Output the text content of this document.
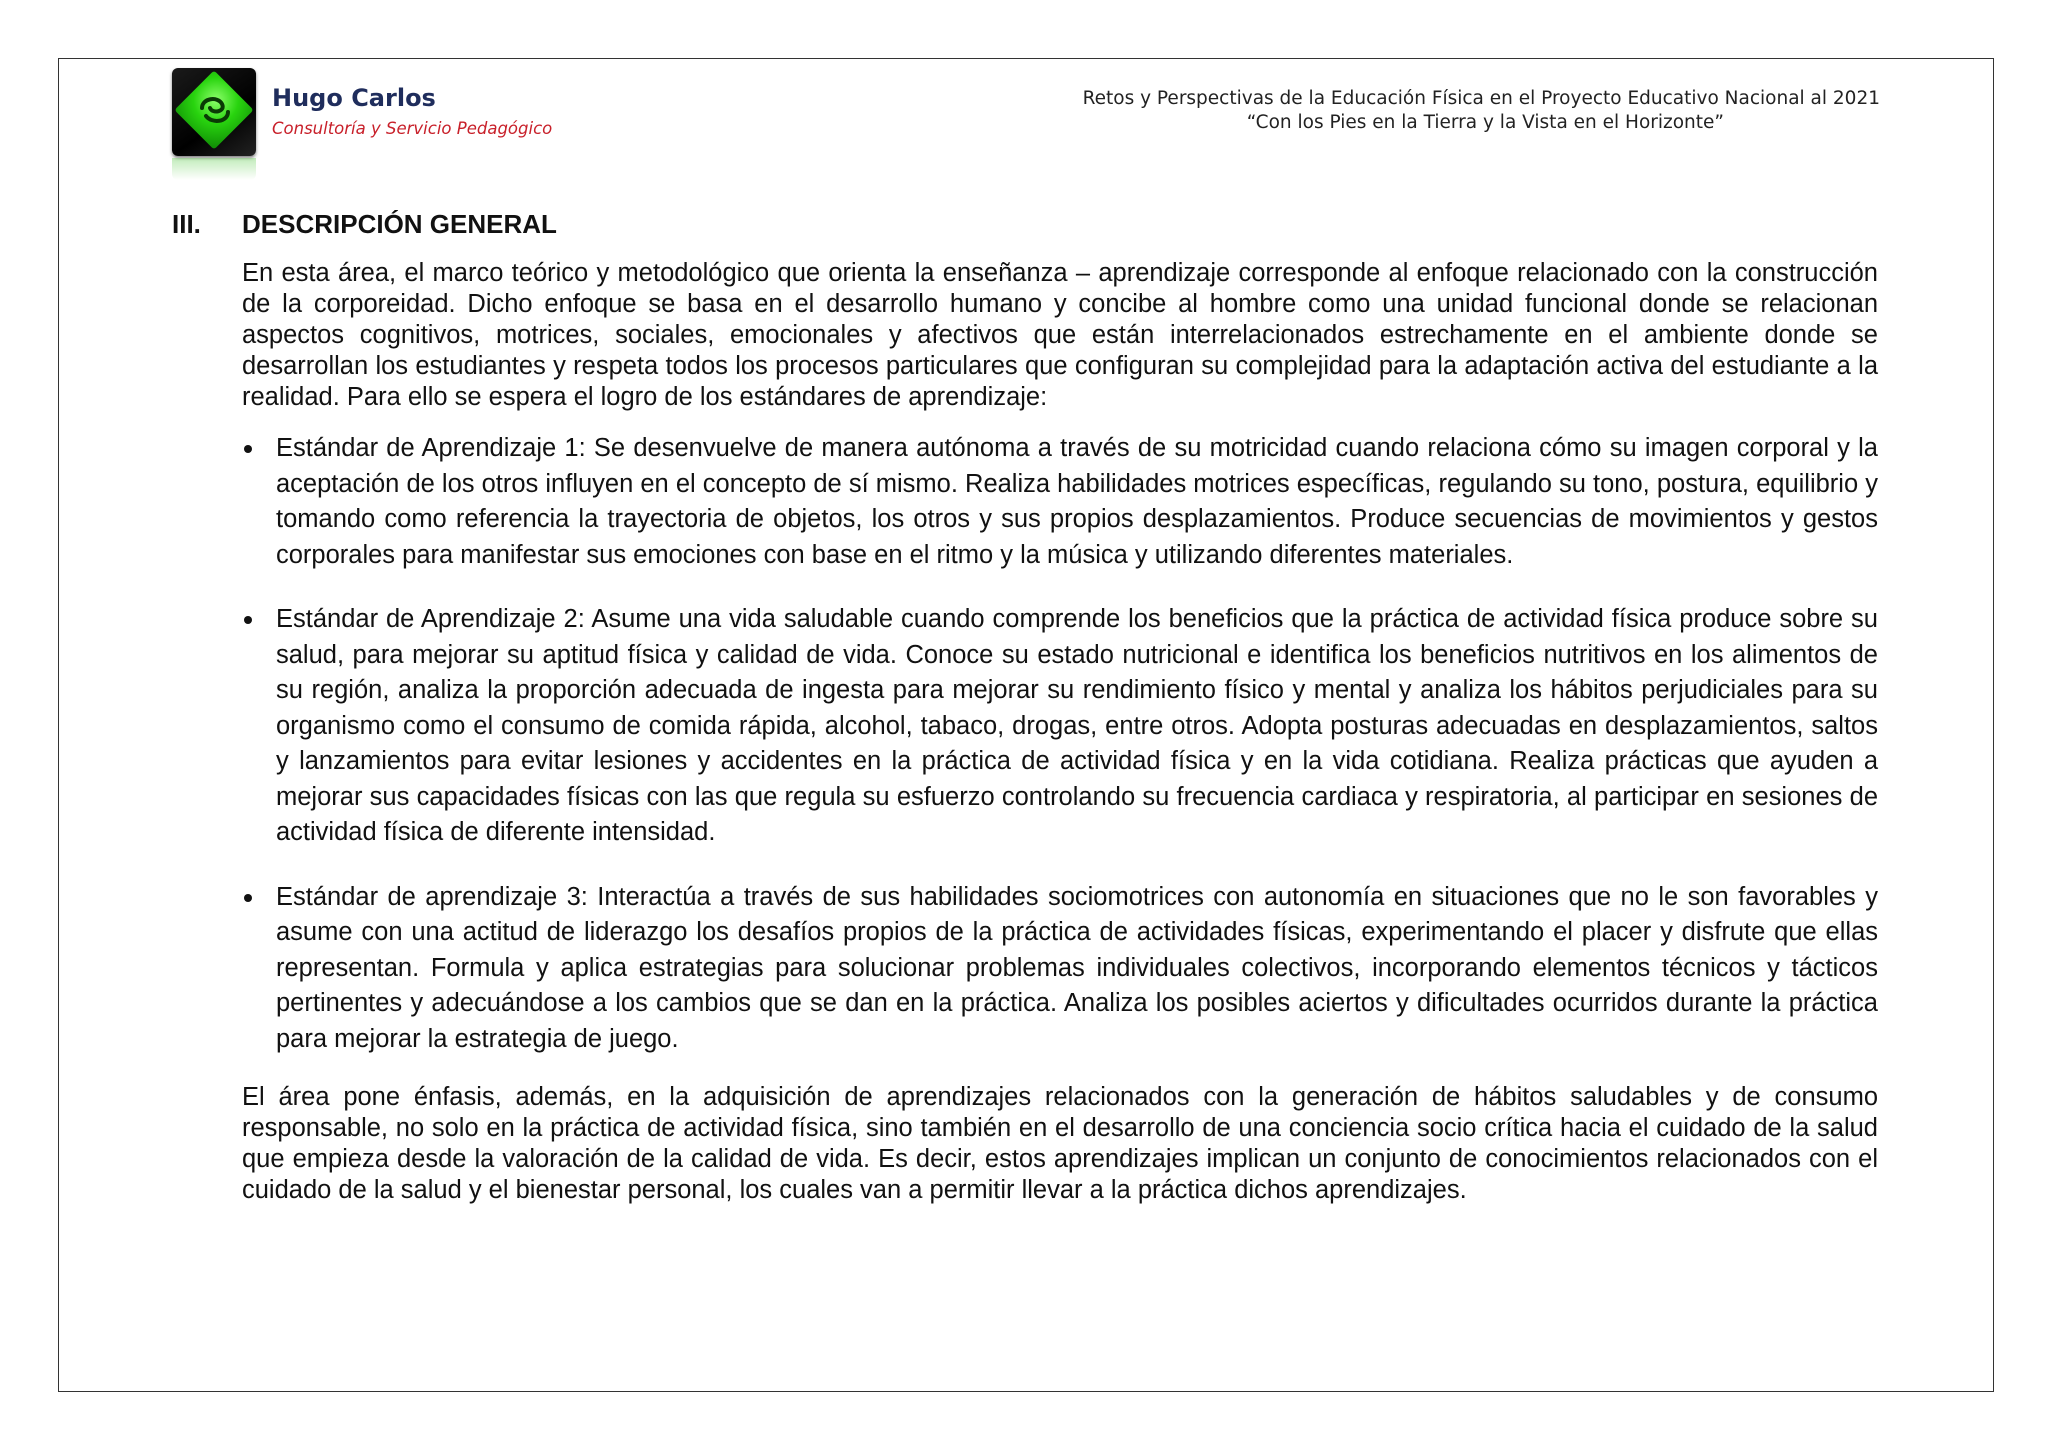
Hugo Carlos
Consultoría y Servicio Pedagógico
Retos y Perspectivas de la Educación Física en el Proyecto Educativo Nacional al 2021
“Con los Pies en la Tierra y la Vista en el Horizonte”
III. DESCRIPCIÓN GENERAL

En esta área, el marco teórico y metodológico que orienta la enseñanza – aprendizaje corresponde al enfoque relacionado con la construcción de la corporeidad. Dicho enfoque se basa en el desarrollo humano y concibe al hombre como una unidad funcional donde se relacionan aspectos cognitivos, motrices, sociales, emocionales y afectivos que están interrelacionados estrechamente en el ambiente donde se desarrollan los estudiantes y respeta todos los procesos particulares que configuran su complejidad para la adaptación activa del estudiante a la realidad. Para ello se espera el logro de los estándares de aprendizaje:

Estándar de Aprendizaje 1: Se desenvuelve de manera autónoma a través de su motricidad cuando relaciona cómo su imagen corporal y la aceptación de los otros influyen en el concepto de sí mismo. Realiza habilidades motrices específicas, regulando su tono, postura, equilibrio y tomando como referencia la trayectoria de objetos, los otros y sus propios desplazamientos. Produce secuencias de movimientos y gestos corporales para manifestar sus emociones con base en el ritmo y la música y utilizando diferentes materiales.
Estándar de Aprendizaje 2: Asume una vida saludable cuando comprende los beneficios que la práctica de actividad física produce sobre su salud, para mejorar su aptitud física y calidad de vida. Conoce su estado nutricional e identifica los beneficios nutritivos en los alimentos de su región, analiza la proporción adecuada de ingesta para mejorar su rendimiento físico y mental y analiza los hábitos perjudiciales para su organismo como el consumo de comida rápida, alcohol, tabaco, drogas, entre otros. Adopta posturas adecuadas en desplazamientos, saltos y lanzamientos para evitar lesiones y accidentes en la práctica de actividad física y en la vida cotidiana. Realiza prácticas que ayuden a mejorar sus capacidades físicas con las que regula su esfuerzo controlando su frecuencia cardiaca y respiratoria, al participar en sesiones de actividad física de diferente intensidad.
Estándar de aprendizaje 3: Interactúa a través de sus habilidades sociomotrices con autonomía en situaciones que no le son favorables y asume con una actitud de liderazgo los desafíos propios de la práctica de actividades físicas, experimentando el placer y disfrute que ellas representan. Formula y aplica estrategias para solucionar problemas individuales colectivos, incorporando elementos técnicos y tácticos pertinentes y adecuándose a los cambios que se dan en la práctica. Analiza los posibles aciertos y dificultades ocurridos durante la práctica para mejorar la estrategia de juego.

El área pone énfasis, además, en la adquisición de aprendizajes relacionados con la generación de hábitos saludables y de consumo responsable, no solo en la práctica de actividad física, sino también en el desarrollo de una conciencia socio crítica hacia el cuidado de la salud que empieza desde la valoración de la calidad de vida. Es decir, estos aprendizajes implican un conjunto de conocimientos relacionados con el cuidado de la salud y el bienestar personal, los cuales van a permitir llevar a la práctica dichos aprendizajes.
